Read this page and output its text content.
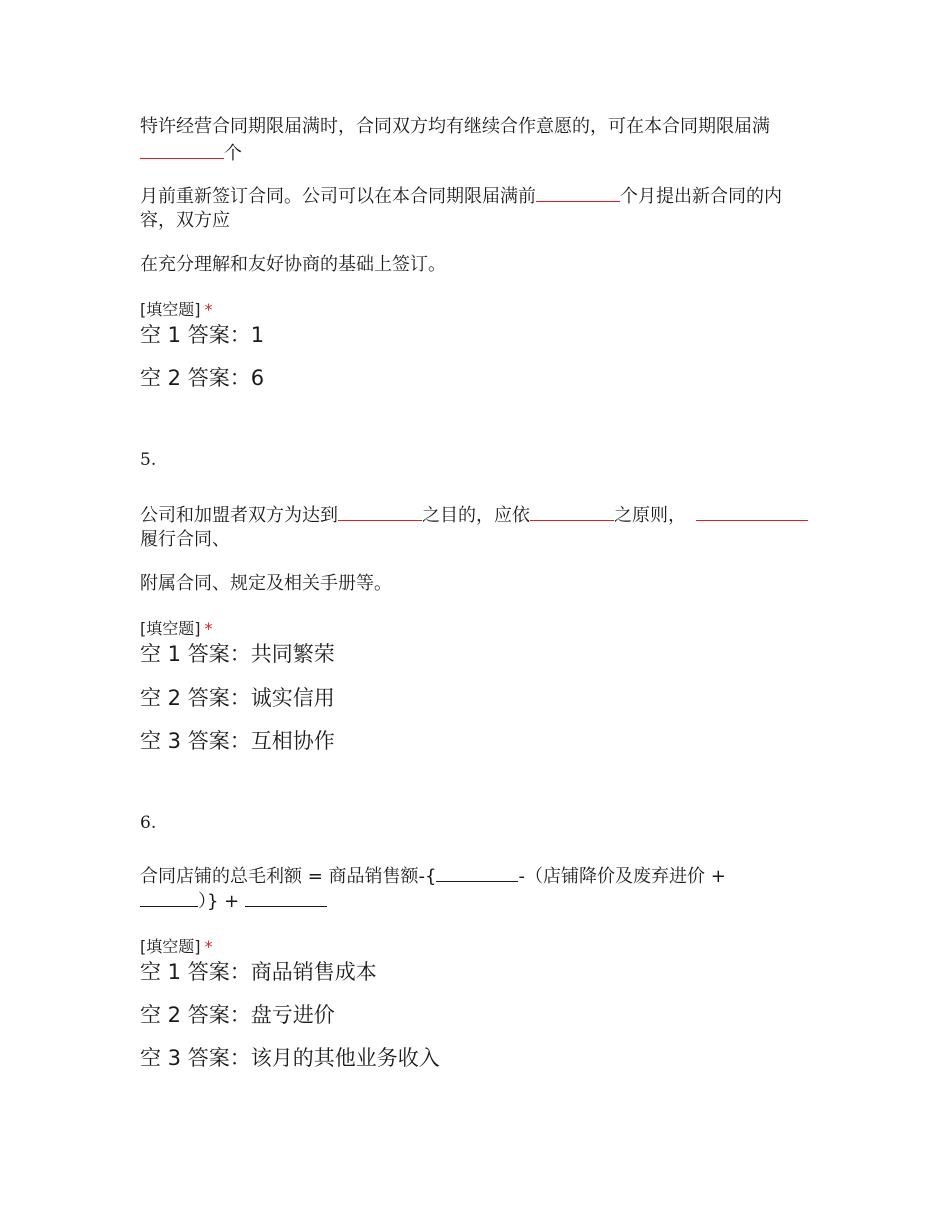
特许经营合同期限届满时，合同双方均有继续合作意愿的，可在本合同期限届满
个
月前重新签订合同。公司可以在本合同期限届满前	个月提出新合同的内
容，双方应
在充分理解和友好协商的基础上签订。
[填空题] *
空 1 答案：1
空 2 答案：6
5.
公司和加盟者双方为达到	之目的，应依	之原则，
履行合同、
附属合同、规定及相关手册等。
[填空题] *
空 1 答案：共同繁荣
空 2 答案：诚实信用
空 3 答案：互相协作
6.
合同店铺的总毛利额 = 商品销售额-{	-（店铺降价及废弃进价 +
）} +
[填空题] *
空 1 答案：商品销售成本
空 2 答案：盘亏进价
空 3 答案：该月的其他业务收入
